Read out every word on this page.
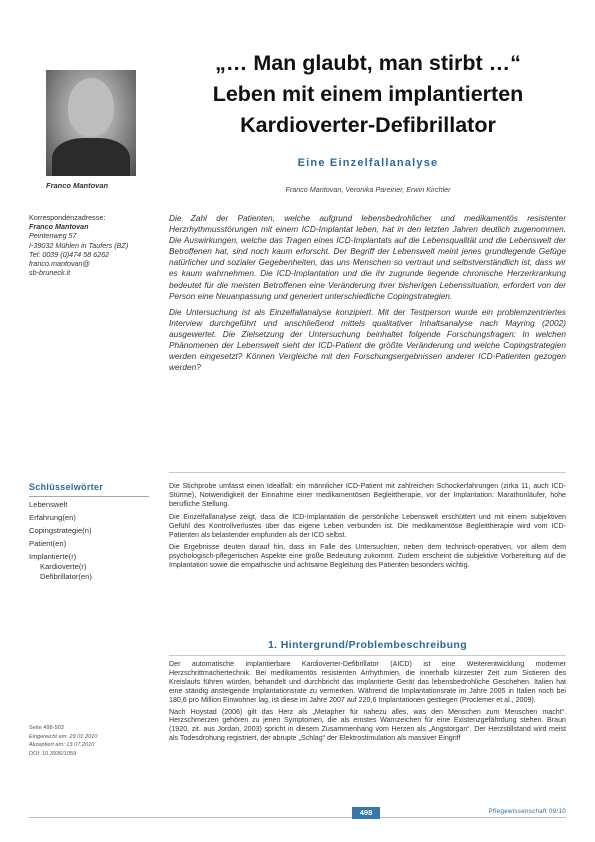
Franco Mantovan
Korrespondenzadresse:
Franco Mantovan
Peintenweg 57
I-39032 Mühlen in Taufers (BZ)
Tel: 0039 (0)474 58 6262
franco.mantovan@
sb-bruneck.it
Schlüsselwörter
Lebenswelt
Erfahrung(en)
Copingstrategie(n)
Patient(en)
Implantierte(r)
Kardioverte(r)
Defibrillator(en)
Seite 498-503
Eingereicht am: 29.01.2010
Akzeptiert am: 13.07.2010
DOI: 10.3936/1059
„… Man glaubt, man stirbt …“
Leben mit einem implantierten
Kardioverter-Defibrillator
Eine Einzelfallanalyse
Franco Mantovan, Veronika Pareiner, Erwin Kirchler

Die Zahl der Patienten, welche aufgrund lebensbedrohlicher und medikamentös resistenter Herzrhythmusstörungen mit einem ICD-Implantat leben, hat in den letzten Jahren deutlich zugenommen. Die Auswirkungen, welche das Tragen eines ICD-Implantats auf die Lebensqualität und die Lebenswelt der Betroffenen hat, sind noch kaum erforscht. Der Begriff der Lebenswelt meint jenes grundlegende Gefüge natürlicher und sozialer Gegebenheiten, das uns Menschen so vertraut und selbstverständlich ist, dass wir es kaum wahrnehmen. Die ICD-Implantation und die ihr zugrunde liegende chronische Herzerkrankung bedeutet für die meisten Betroffenen eine Veränderung ihrer bisherigen Lebenssituation, erfordert von der Person eine Neuanpassung und generiert unterschiedliche Copingstrategien.

Die Untersuchung ist als Einzelfallanalyse konzipiert. Mit der Testperson wurde ein problemzentriertes Interview durchgeführt und anschließend mittels qualitativer Inhaltsanalyse nach Mayring (2002) ausgewertet. Die Zielsetzung der Untersuchung beinhaltet folgende Forschungsfragen: In welchen Phänomenen der Lebenswelt sieht der ICD-Patient die größte Veränderung und welche Copingstrategien werden eingesetzt? Können Vergleiche mit den Forschungsergebnissen anderer ICD-Patienten gezogen werden?

Die Stichprobe umfasst einen Idealfall: ein männlicher ICD-Patient mit zahlreichen Schockerfahrungen (zirka 11, auch ICD-Stürme), Notwendigkeit der Einnahme einer medikamentösen Begleittherapie, vor der Implantation: Marathonläufer, hohe berufliche Stellung.

Die Einzelfallanalyse zeigt, dass die ICD-Implantation die persönliche Lebenswelt erschüttert und mit einem subjektiven Gefühl des Kontrollverlustes über das eigene Leben verbunden ist. Die medikamentöse Begleittherapie wird vom ICD-Patienten als belastender empfunden als der ICD selbst.

Die Ergebnisse deuten darauf hin, dass im Falle des Untersuchten, neben dem technisch-operativen, vor allem dem psychologisch-pflegerischen Aspekte eine große Bedeutung zukommt. Zudem erscheint die subjektive Vorbereitung auf die Implantation sowie die empathische und achtsame Begleitung des Patienten besonders wichtig.

1. Hintergrund/Problembeschreibung

Der automatische implantierbare Kardioverter-Defibrillator (AICD) ist eine Weiterentwicklung moderner Herzschrittmachertechnik. Bei medikamentös resistenten Arrhythmien, die innerhalb kürzester Zeit zum Sistieren des Kreislaufs führen würden, behandelt und durchbricht das implantierte Gerät das lebensbedrohliche Geschehen. Italien hat eine ständig ansteigende Implantationsrate zu vermerken. Während die Implantationsrate im Jahre 2005 in Italien noch bei 180,6 pro Million Einwohner lag, ist diese im Jahre 2007 auf 220,6 Implantationen gestiegen (Proclemer et al., 2009).

Nach Hoystad (2006) gilt das Herz als „Metapher für nahezu alles, was den Menschen zum Menschen macht“. Herzschmerzen gehören zu jenen Symptomen, die als ernstes Warnzeichen für eine Existenzgefährdung stehen. Braun (1920, zit. aus Jordan, 2003) spricht in diesem Zusammenhang vom Herzen als „Angstorgan“. Der Herzstillstand wird meist als Todesdrohung registriert, der abrupte „Schlag“ der Elektrostimulation als massiver Eingriff

498	Pflegewissenschaft 09/10
